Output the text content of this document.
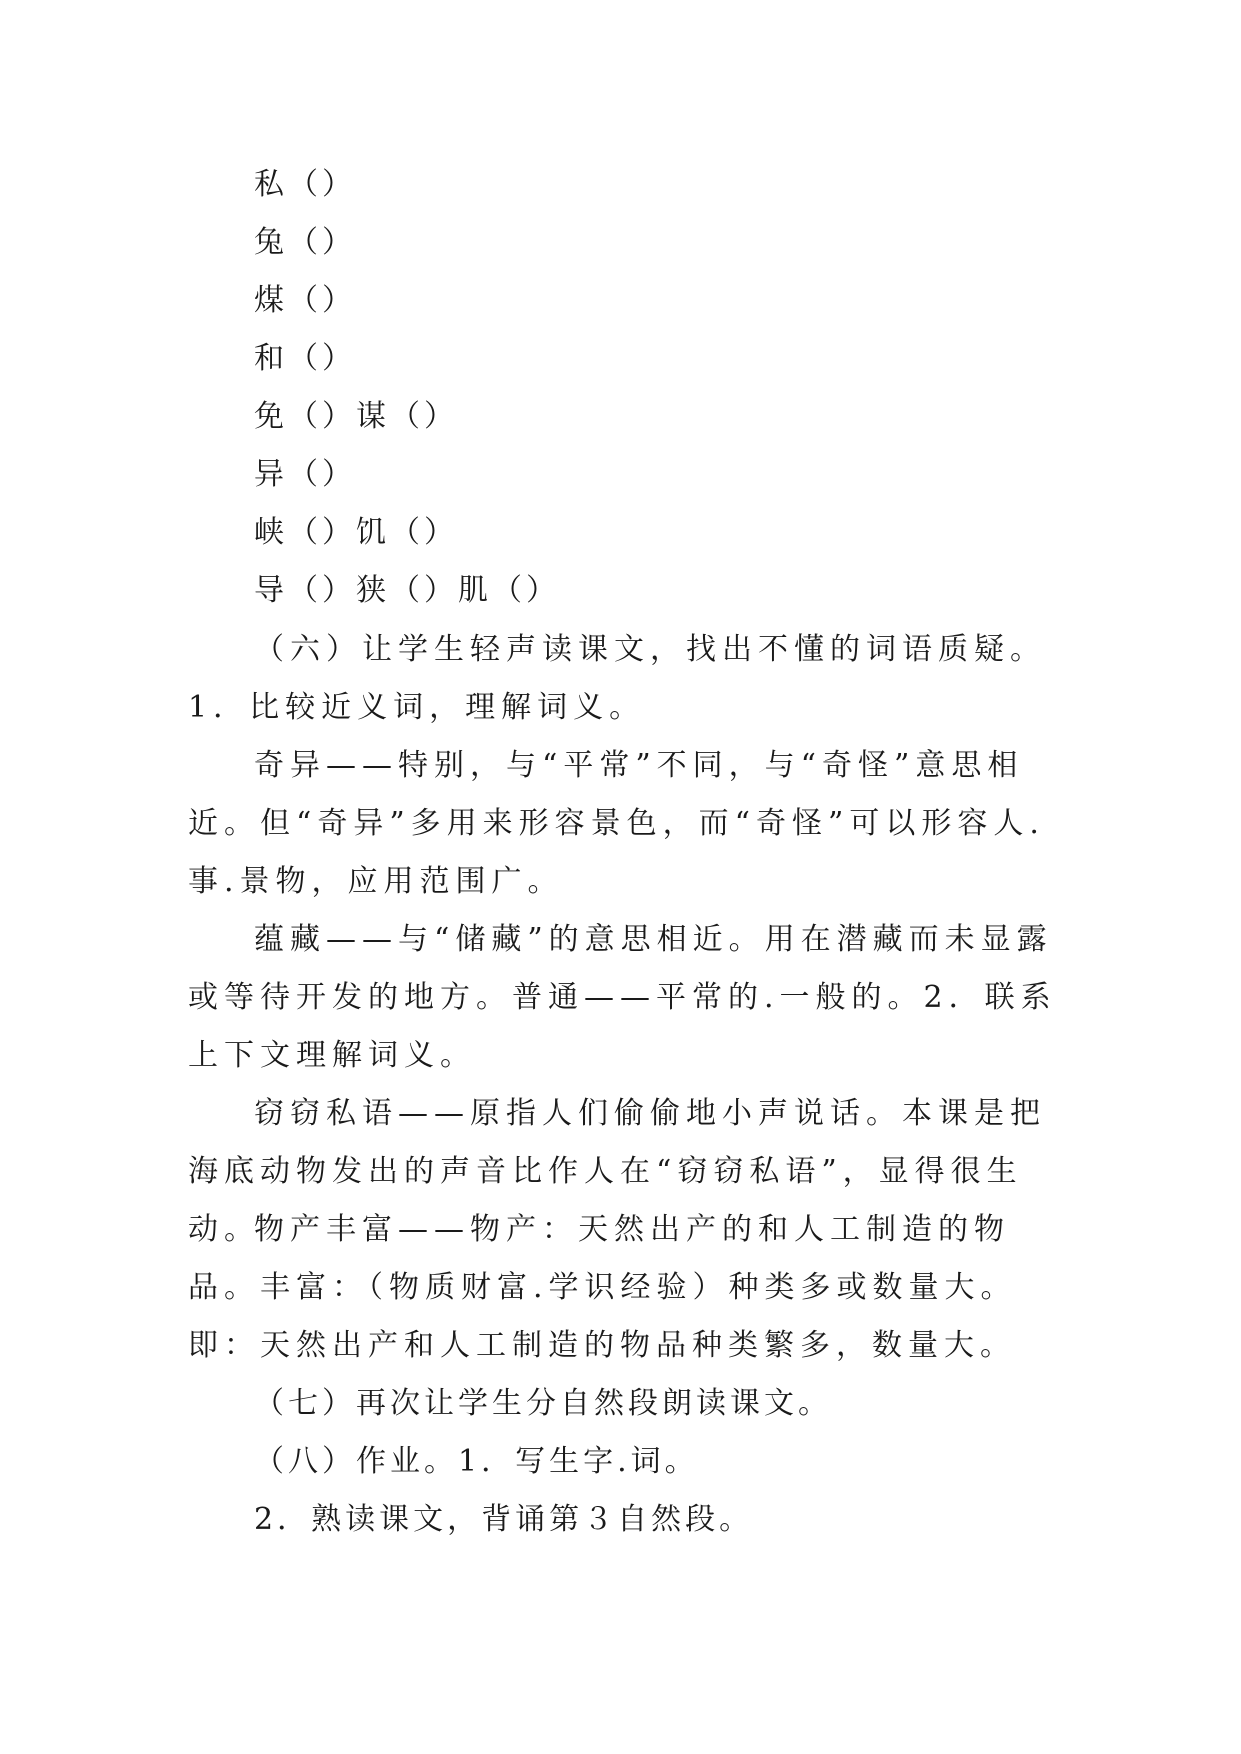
私（）
兔（）
煤（）
和（）
免（）谋（）
异（）
峡（）饥（）
导（）狭（）肌（）
（六）让学生轻声读课文，找出不懂的词语质疑。1．比较近义词，理解词义。
奇异——特别，与“平常”不同，与“奇怪”意思相近。但“奇异”多用来形容景色，而“奇怪”可以形容人.事.景物，应用范围广。
蕴藏——与“储藏”的意思相近。用在潜藏而未显露或等待开发的地方。普通——平常的.一般的。2．联系上下文理解词义。
窃窃私语——原指人们偷偷地小声说话。本课是把海底动物发出的声音比作人在“窃窃私语”，显得很生动。
物产丰富——物产：天然出产的和人工制造的物品。丰富：（物质财富.学识经验）种类多或数量大。即：天然出产和人工制造的物品种类繁多，数量大。
（七）再次让学生分自然段朗读课文。
（八）作业。1．写生字.词。
2．熟读课文，背诵第３自然段。
